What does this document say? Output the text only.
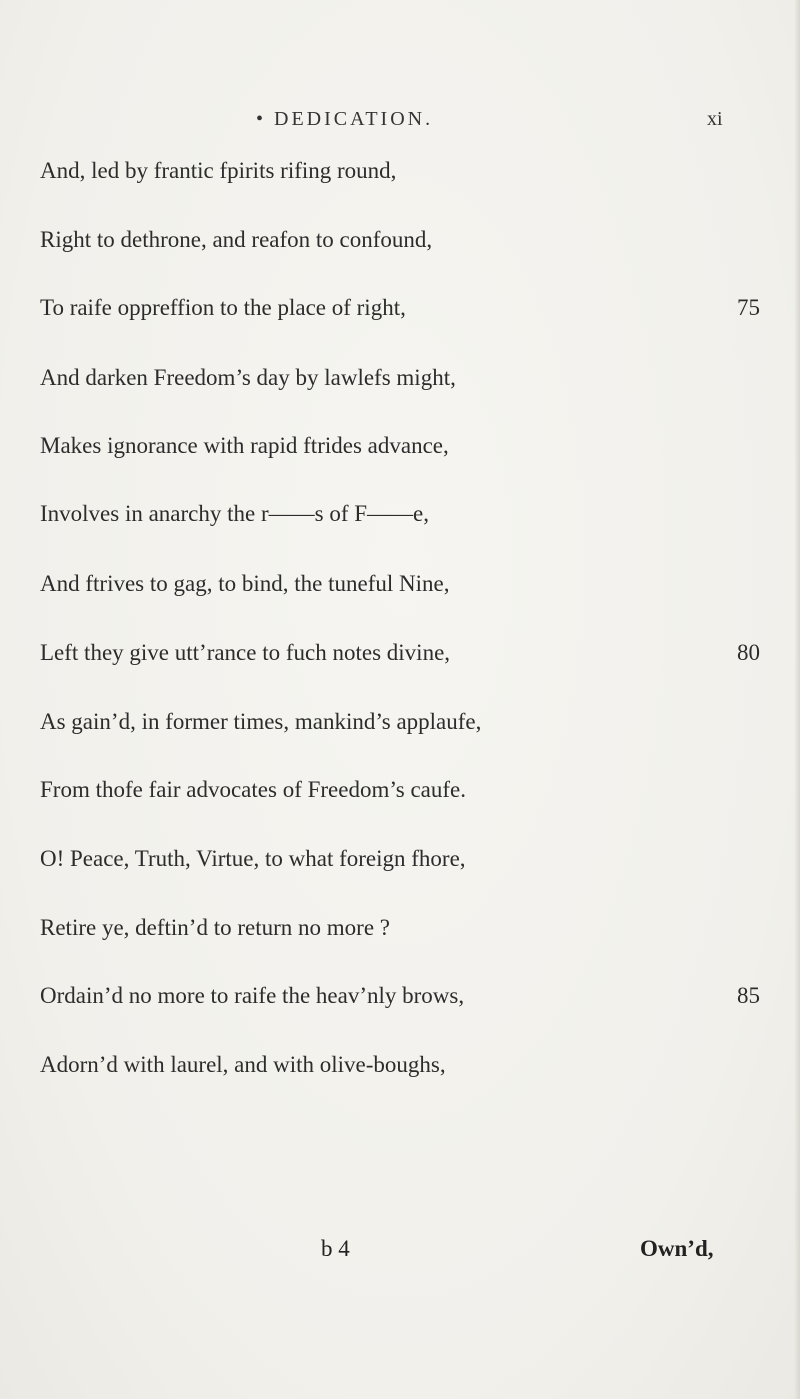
• DEDICATION.	xi
And, led by frantic fpirits rifing round,
Right to dethrone, and reafon to confound,
To raife oppreffion to the place of right,	75
And darken Freedom’s day by lawlefs might,
Makes ignorance with rapid ftrides advance,
Involves in anarchy the r——s of F——e,
And ftrives to gag, to bind, the tuneful Nine,
Left they give utt’rance to fuch notes divine,	80
As gain’d, in former times, mankind’s applaufe,
From thofe fair advocates of Freedom’s caufe.
O! Peace, Truth, Virtue, to what foreign fhore,
Retire ye, deftin’d to return no more ?
Ordain’d no more to raife the heav’nly brows,	85
Adorn’d with laurel, and with olive-boughs,
b 4	Own’d,
